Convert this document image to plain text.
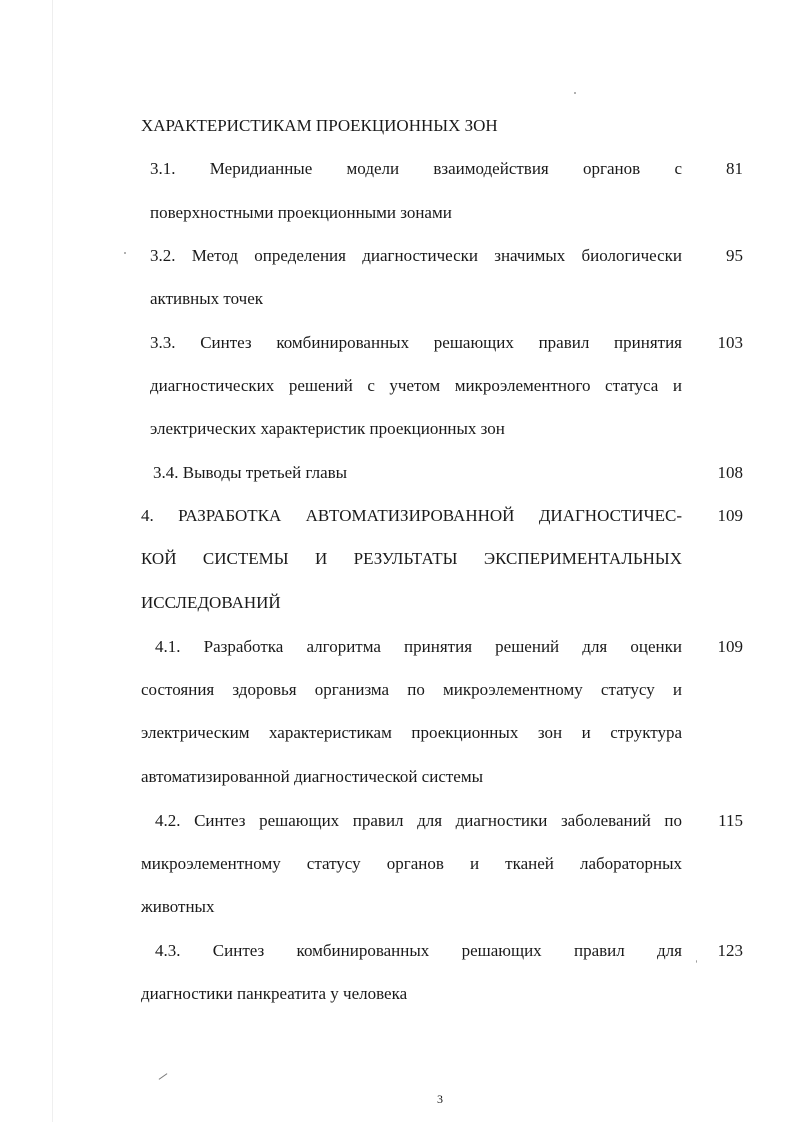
ХАРАКТЕРИСТИКАМ ПРОЕКЦИОННЫХ ЗОН
3.1. Меридианные модели взаимодействия органов с	81
поверхностными проекционными зонами
3.2. Метод определения диагностически значимых биологически	95
активных точек
3.3. Синтез комбинированных решающих правил принятия	103
диагностических решений с учетом микроэлементного статуса и
электрических характеристик проекционных зон
3.4. Выводы третьей главы	108
4. РАЗРАБОТКА АВТОМАТИЗИРОВАННОЙ ДИАГНОСТИЧЕС-	109
КОЙ СИСТЕМЫ И РЕЗУЛЬТАТЫ ЭКСПЕРИМЕНТАЛЬНЫХ
ИССЛЕДОВАНИЙ
4.1. Разработка алгоритма принятия решений для оценки	109
состояния здоровья организма по микроэлементному статусу и
электрическим характеристикам проекционных зон и структура
автоматизированной диагностической системы
4.2. Синтез решающих правил для диагностики заболеваний по	115
микроэлементному статусу органов и тканей лабораторных
животных
4.3. Синтез комбинированных решающих правил для	123
диагностики панкреатита у человека
3
